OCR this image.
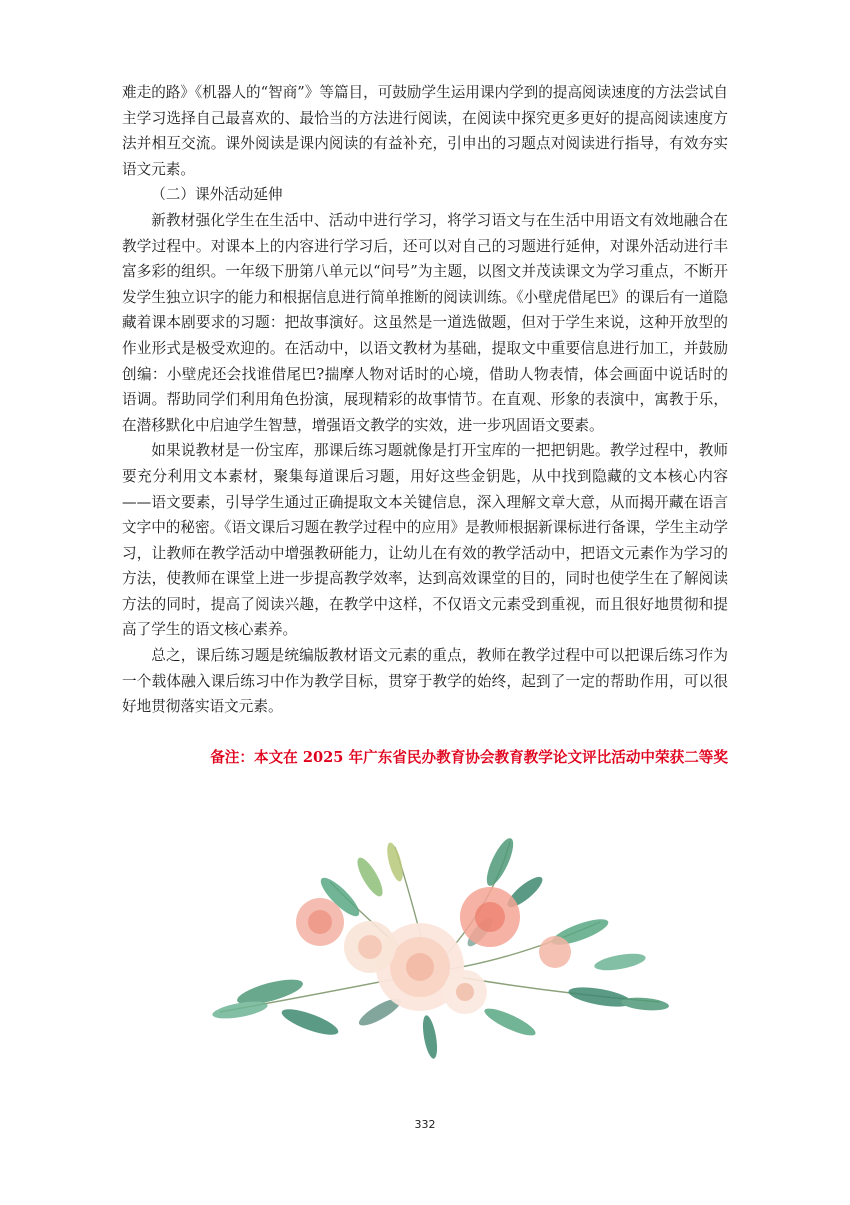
难走的路》《机器人的“智商”》等篇目，可鼓励学生运用课内学到的提高阅读速度的方法尝试自主学习选择自己最喜欢的、最恰当的方法进行阅读，在阅读中探究更多更好的提高阅读速度方法并相互交流。课外阅读是课内阅读的有益补充，引申出的习题点对阅读进行指导，有效夯实语文元素。

（二）课外活动延伸

新教材强化学生在生活中、活动中进行学习，将学习语文与在生活中用语文有效地融合在教学过程中。对课本上的内容进行学习后，还可以对自己的习题进行延伸，对课外活动进行丰富多彩的组织。一年级下册第八单元以“问号”为主题，以图文并茂读课文为学习重点，不断开发学生独立识字的能力和根据信息进行简单推断的阅读训练。《小壁虎借尾巴》的课后有一道隐藏着课本剧要求的习题：把故事演好。这虽然是一道选做题，但对于学生来说，这种开放型的作业形式是极受欢迎的。在活动中，以语文教材为基础，提取文中重要信息进行加工，并鼓励创编：小壁虎还会找谁借尾巴?揣摩人物对话时的心境，借助人物表情，体会画面中说话时的语调。帮助同学们利用角色扮演，展现精彩的故事情节。在直观、形象的表演中，寓教于乐，在潜移默化中启迪学生智慧，增强语文教学的实效，进一步巩固语文要素。

如果说教材是一份宝库，那课后练习题就像是打开宝库的一把把钥匙。教学过程中，教师要充分利用文本素材，聚集每道课后习题，用好这些金钥匙，从中找到隐藏的文本核心内容——语文要素，引导学生通过正确提取文本关键信息，深入理解文章大意，从而揭开藏在语言文字中的秘密。《语文课后习题在教学过程中的应用》是教师根据新课标进行备课，学生主动学习，让教师在教学活动中增强教研能力，让幼儿在有效的教学活动中，把语文元素作为学习的方法，使教师在课堂上进一步提高教学效率，达到高效课堂的目的，同时也使学生在了解阅读方法的同时，提高了阅读兴趣，在教学中这样，不仅语文元素受到重视，而且很好地贯彻和提高了学生的语文核心素养。

总之，课后练习题是统编版教材语文元素的重点，教师在教学过程中可以把课后练习作为一个载体融入课后练习中作为教学目标，贯穿于教学的始终，起到了一定的帮助作用，可以很好地贯彻落实语文元素。

备注：本文在 2025 年广东省民办教育协会教育教学论文评比活动中荣获二等奖
332
